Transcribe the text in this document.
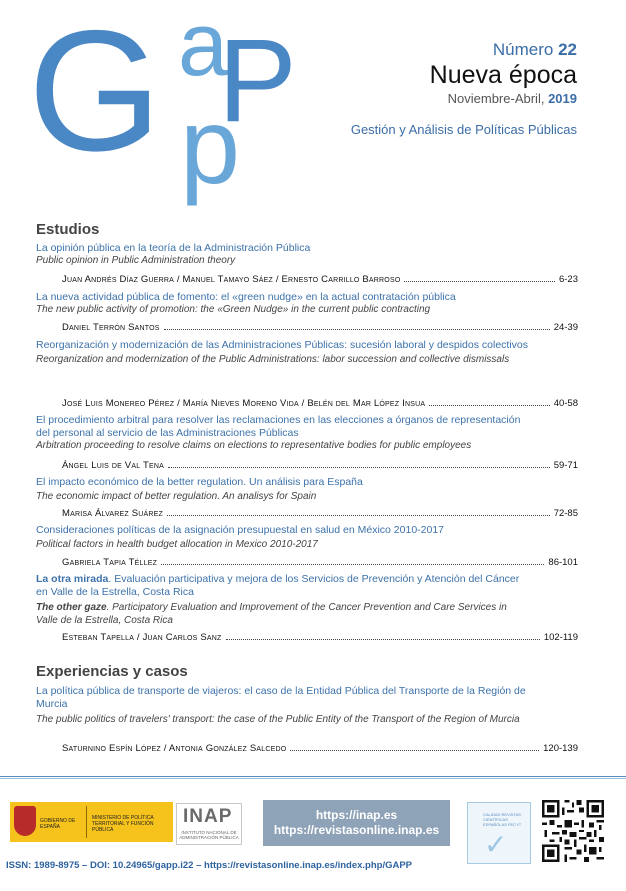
G a
p
P	Número 22
Nueva época
Noviembre-Abril, 2019
Gestión y Análisis de Políticas Públicas
Estudios
La opinión pública en la teoría de la Administración Pública
Public opinion in Public Administration theory
Juan Andrés Díaz Guerra / Manuel Tamayo Sáez / Ernesto Carrillo Barroso	6-23
La nueva actividad pública de fomento: el «green nudge» en la actual contratación pública
The new public activity of promotion: the «Green Nudge» in the current public contracting
Daniel Terrón Santos	24-39
Reorganización y modernización de las Administraciones Públicas: sucesión laboral y despidos colectivos
Reorganization and modernization of the Public Administrations: labor succession and collective dismissals
José Luis Monereo Pérez / María Nieves Moreno Vida / Belén del Mar López Insua	40-58
El procedimiento arbitral para resolver las reclamaciones en las elecciones a órganos de representación del personal al servicio de las Administraciones Públicas
Arbitration proceeding to resolve claims on elections to representative bodies for public employees
Ángel Luis de Val Tena	59-71
El impacto económico de la better regulation. Un análisis para España
The economic impact of better regulation. An analisys for Spain
Marisa Álvarez Suárez	72-85
Consideraciones políticas de la asignación presupuestal en salud en México 2010-2017
Political factors in health budget allocation in Mexico 2010-2017
Gabriela Tapia Téllez	86-101
La otra mirada. Evaluación participativa y mejora de los Servicios de Prevención y Atención del Cáncer en Valle de la Estrella, Costa Rica
The other gaze. Participatory Evaluation and Improvement of the Cancer Prevention and Care Services in Valle de la Estrella, Costa Rica
Esteban Tapella / Juan Carlos Sanz	102-119
Experiencias y casos
La política pública de transporte de viajeros: el caso de la Entidad Pública del Transporte de la Región de Murcia
The public politics of travelers' transport: the case of the Public Entity of the Transport of the Region of Murcia
Saturnino Espín López / Antonia González Salcedo	120-139
GOBIERNO DE ESPAÑA
MINISTERIO DE POLÍTICA TERRITORIAL Y FUNCIÓN PÚBLICA
INAP
INSTITUTO NACIONAL DE ADMINISTRACIÓN PÚBLICA
https://inap.es
https://revistasonline.inap.es
CALIDAD REVISTAS CIENTÍFICAS ESPAÑOLAS FECYT
✓
ISSN: 1989-8975 – DOI: 10.24965/gapp.i22 – https://revistasonline.inap.es/index.php/GAPP
